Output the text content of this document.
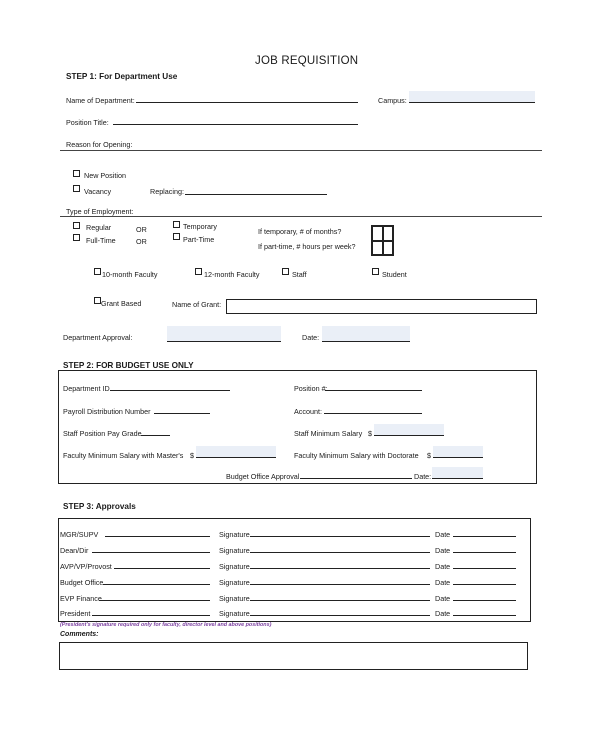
JOB REQUISITION
STEP 1: For Department Use
Name of Department:	Campus:
Position Title:
Reason for Opening:
New Position
Vacancy	Replacing:
Type of Employment:
Regular	OR	Temporary
If temporary, # of months?
Full-Time	OR	Part-Time
If part-time, # hours per week?
10-month Faculty	12-month Faculty	Staff	Student
Grant Based	Name of Grant:
Department Approval:	Date:
STEP 2: FOR BUDGET USE ONLY
Department ID	Position #:
Payroll Distribution Number	Account:
Staff Position Pay Grade	Staff Minimum Salary $
Faculty Minimum Salary with Master's $	Faculty Minimum Salary with Doctorate $
Budget Office Approval	Date:
STEP 3: Approvals
MGR/SUPV	Signature	Date
Dean/Dir	Signature	Date
AVP/VP/Provost	Signature	Date
Budget Office	Signature	Date
EVP Finance	Signature	Date
President	Signature	Date
(President's signature required only for faculty, director level and above positions)
Comments:
